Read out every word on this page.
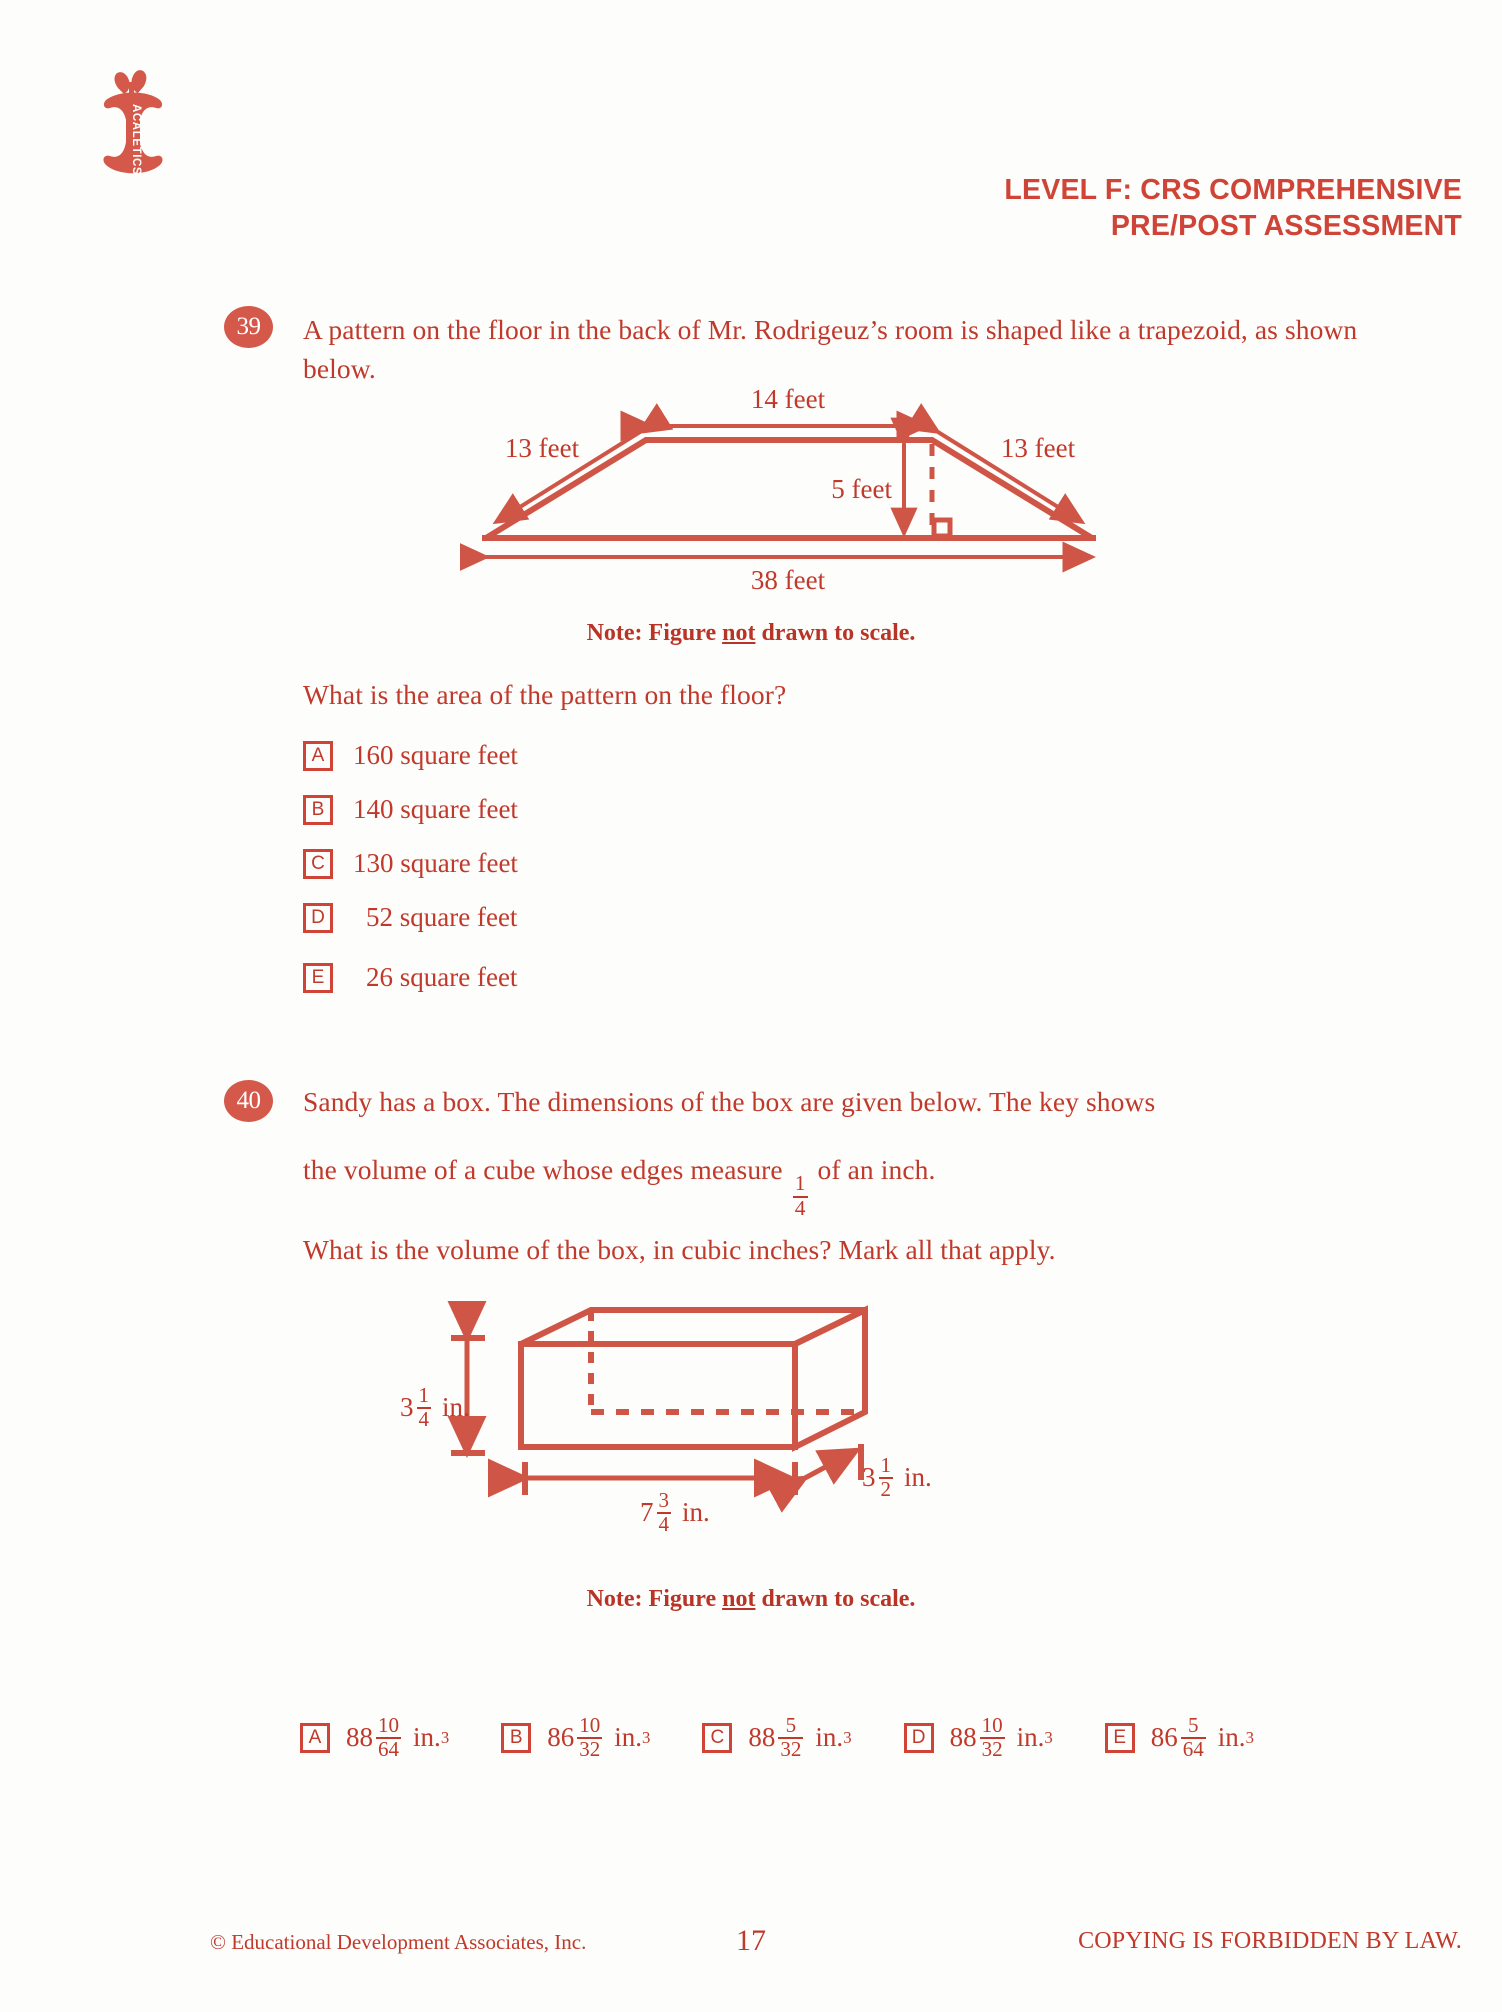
ACALETICS
LEVEL F: CRS COMPREHENSIVE
PRE/POST ASSESSMENT
39	A pattern on the floor in the back of Mr. Rodrigeuz’s room is shaped like a trapezoid, as shown below.
14 feet
13 feet	13 feet
5 feet
38 feet
Note: Figure not drawn to scale.
What is the area of the pattern on the floor?
A	160 square feet
B	140 square feet
C	130 square feet
D	52 square feet
E	26 square feet
40	Sandy has a box. The dimensions of the box are given below. The key shows
the volume of a cube whose edges measure
$\frac{1}{4}$
of an inch.
What is the volume of the box, in cubic inches? Mark all that apply.
$3 \frac{1}{4}$ in.
$7 \frac{3}{4}$ in.
$3 \frac{1}{2}$ in.
Note: Figure not drawn to scale.
A $88 \frac{10}{64}$ in. 3	B $86 \frac{10}{32}$ in. 3	C $88 \frac{5}{32}$ in. 3	D $88 \frac{10}{32}$ in. 3	E $86 \frac{5}{64}$ in. 3
© Educational Development Associates, Inc.	17	COPYING IS FORBIDDEN BY LAW.
